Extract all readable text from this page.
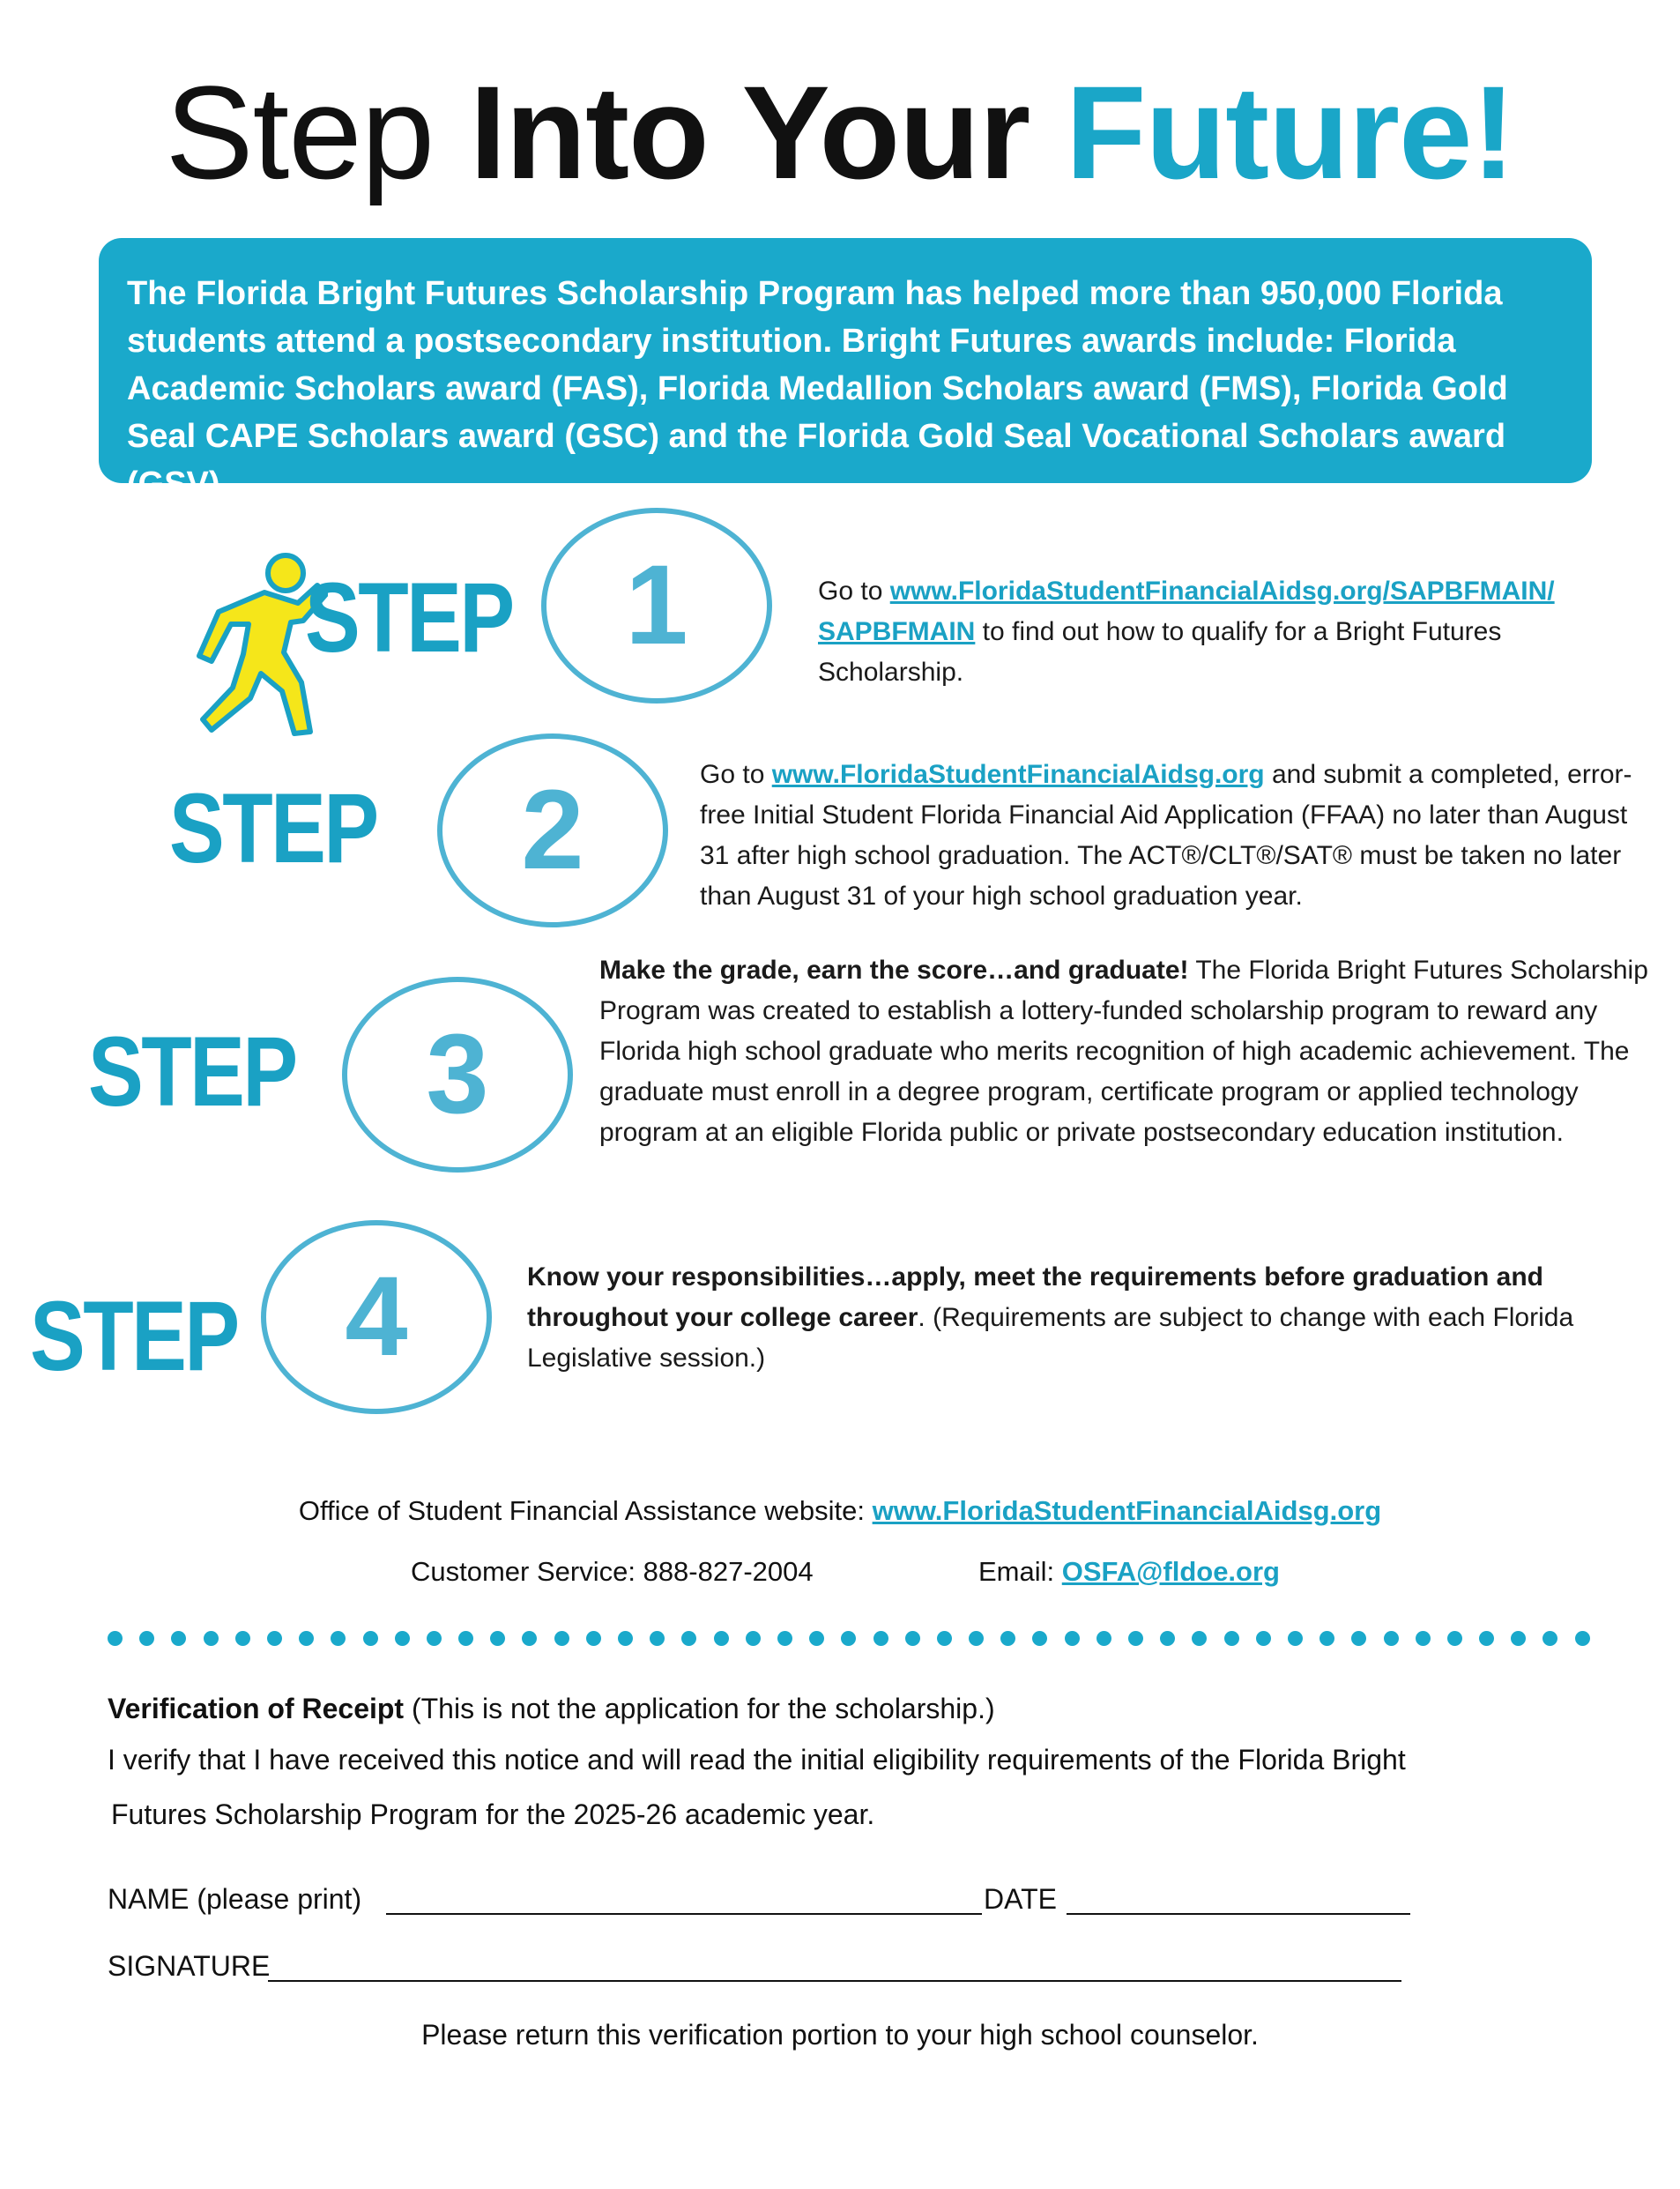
Step Into Your Future!
The Florida Bright Futures Scholarship Program has helped more than 950,000 Florida students attend a postsecondary institution. Bright Futures awards include: Florida Academic Scholars award (FAS), Florida Medallion Scholars award (FMS), Florida Gold Seal CAPE Scholars award (GSC) and the Florida Gold Seal Vocational Scholars award (GSV).
STEP 1	Go to www.FloridaStudentFinancialAidsg.org/SAPBFMAIN/
SAPBFMAIN to find out how to qualify for a Bright Futures Scholarship.
STEP 2	Go to www.FloridaStudentFinancialAidsg.org and submit a completed, error-free Initial Student Florida Financial Aid Application (FFAA) no later than August 31 after high school graduation. The ACT®/CLT®/SAT® must be taken no later than August 31 of your high school graduation year.
STEP 3
Make the grade, earn the score…and graduate! The Florida Bright Futures Scholarship Program was created to establish a lottery-funded scholarship program to reward any Florida high school graduate who merits recognition of high academic achievement. The graduate must enroll in a degree program, certificate program or applied technology program at an eligible Florida public or private postsecondary education institution.
STEP 4	Know your responsibilities…apply, meet the requirements before graduation and throughout your college career. (Requirements are subject to change with each Florida Legislative session.)
Office of Student Financial Assistance website: www.FloridaStudentFinancialAidsg.org
Customer Service: 888-827-2004	Email: OSFA@fldoe.org
Verification of Receipt (This is not the application for the scholarship.)
I verify that I have received this notice and will read the initial eligibility requirements of the Florida Bright
Futures Scholarship Program for the 2025-26 academic year.
NAME (please print)	DATE
SIGNATURE
Please return this verification portion to your high school counselor.
